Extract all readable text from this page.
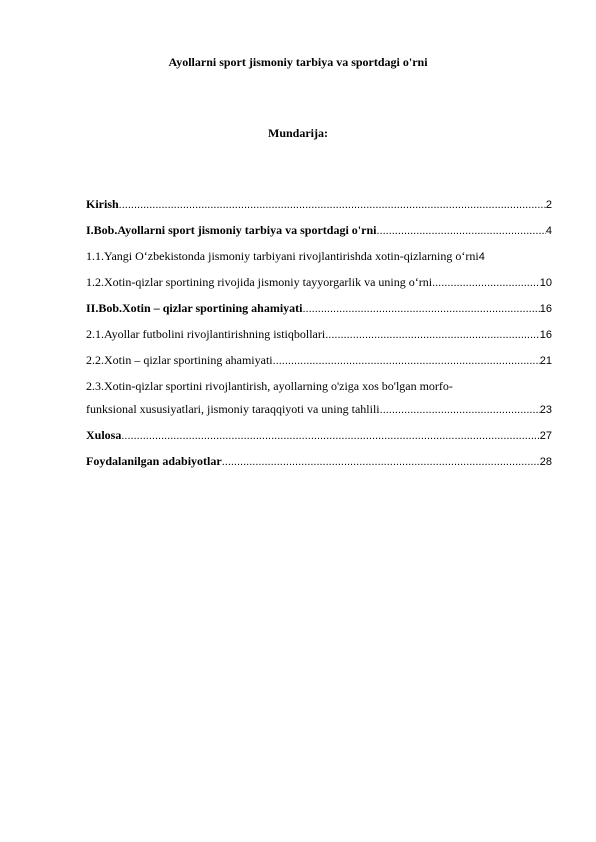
Ayollarni sport jismoniy tarbiya va sportdagi o'rni
Mundarija:
Kirish .....	2
I.Bob.Ayollarni sport jismoniy tarbiya va sportdagi o'rni .....	4
1.1.Yangi O‘zbekistonda jismoniy tarbiyani rivojlantirishda xotin-qizlarning o‘rni 4
1.2.Xotin-qizlar sportining rivojida jismoniy tayyorgarlik va uning o‘rni .....	10
II.Bob.Xotin – qizlar sportining ahamiyati .....	16
2.1.Ayollar futbolini rivojlantirishning istiqbollari .....	16
2.2.Xotin – qizlar sportining ahamiyati .....	21
2.3.Xotin-qizlar sportini rivojlantirish, ayollarning o'ziga xos bo'lgan morfo-
funksional xususiyatlari, jismoniy taraqqiyoti va uning tahlili .....	23
Xulosa .....	27
Foydalanilgan adabiyotlar .....	28
